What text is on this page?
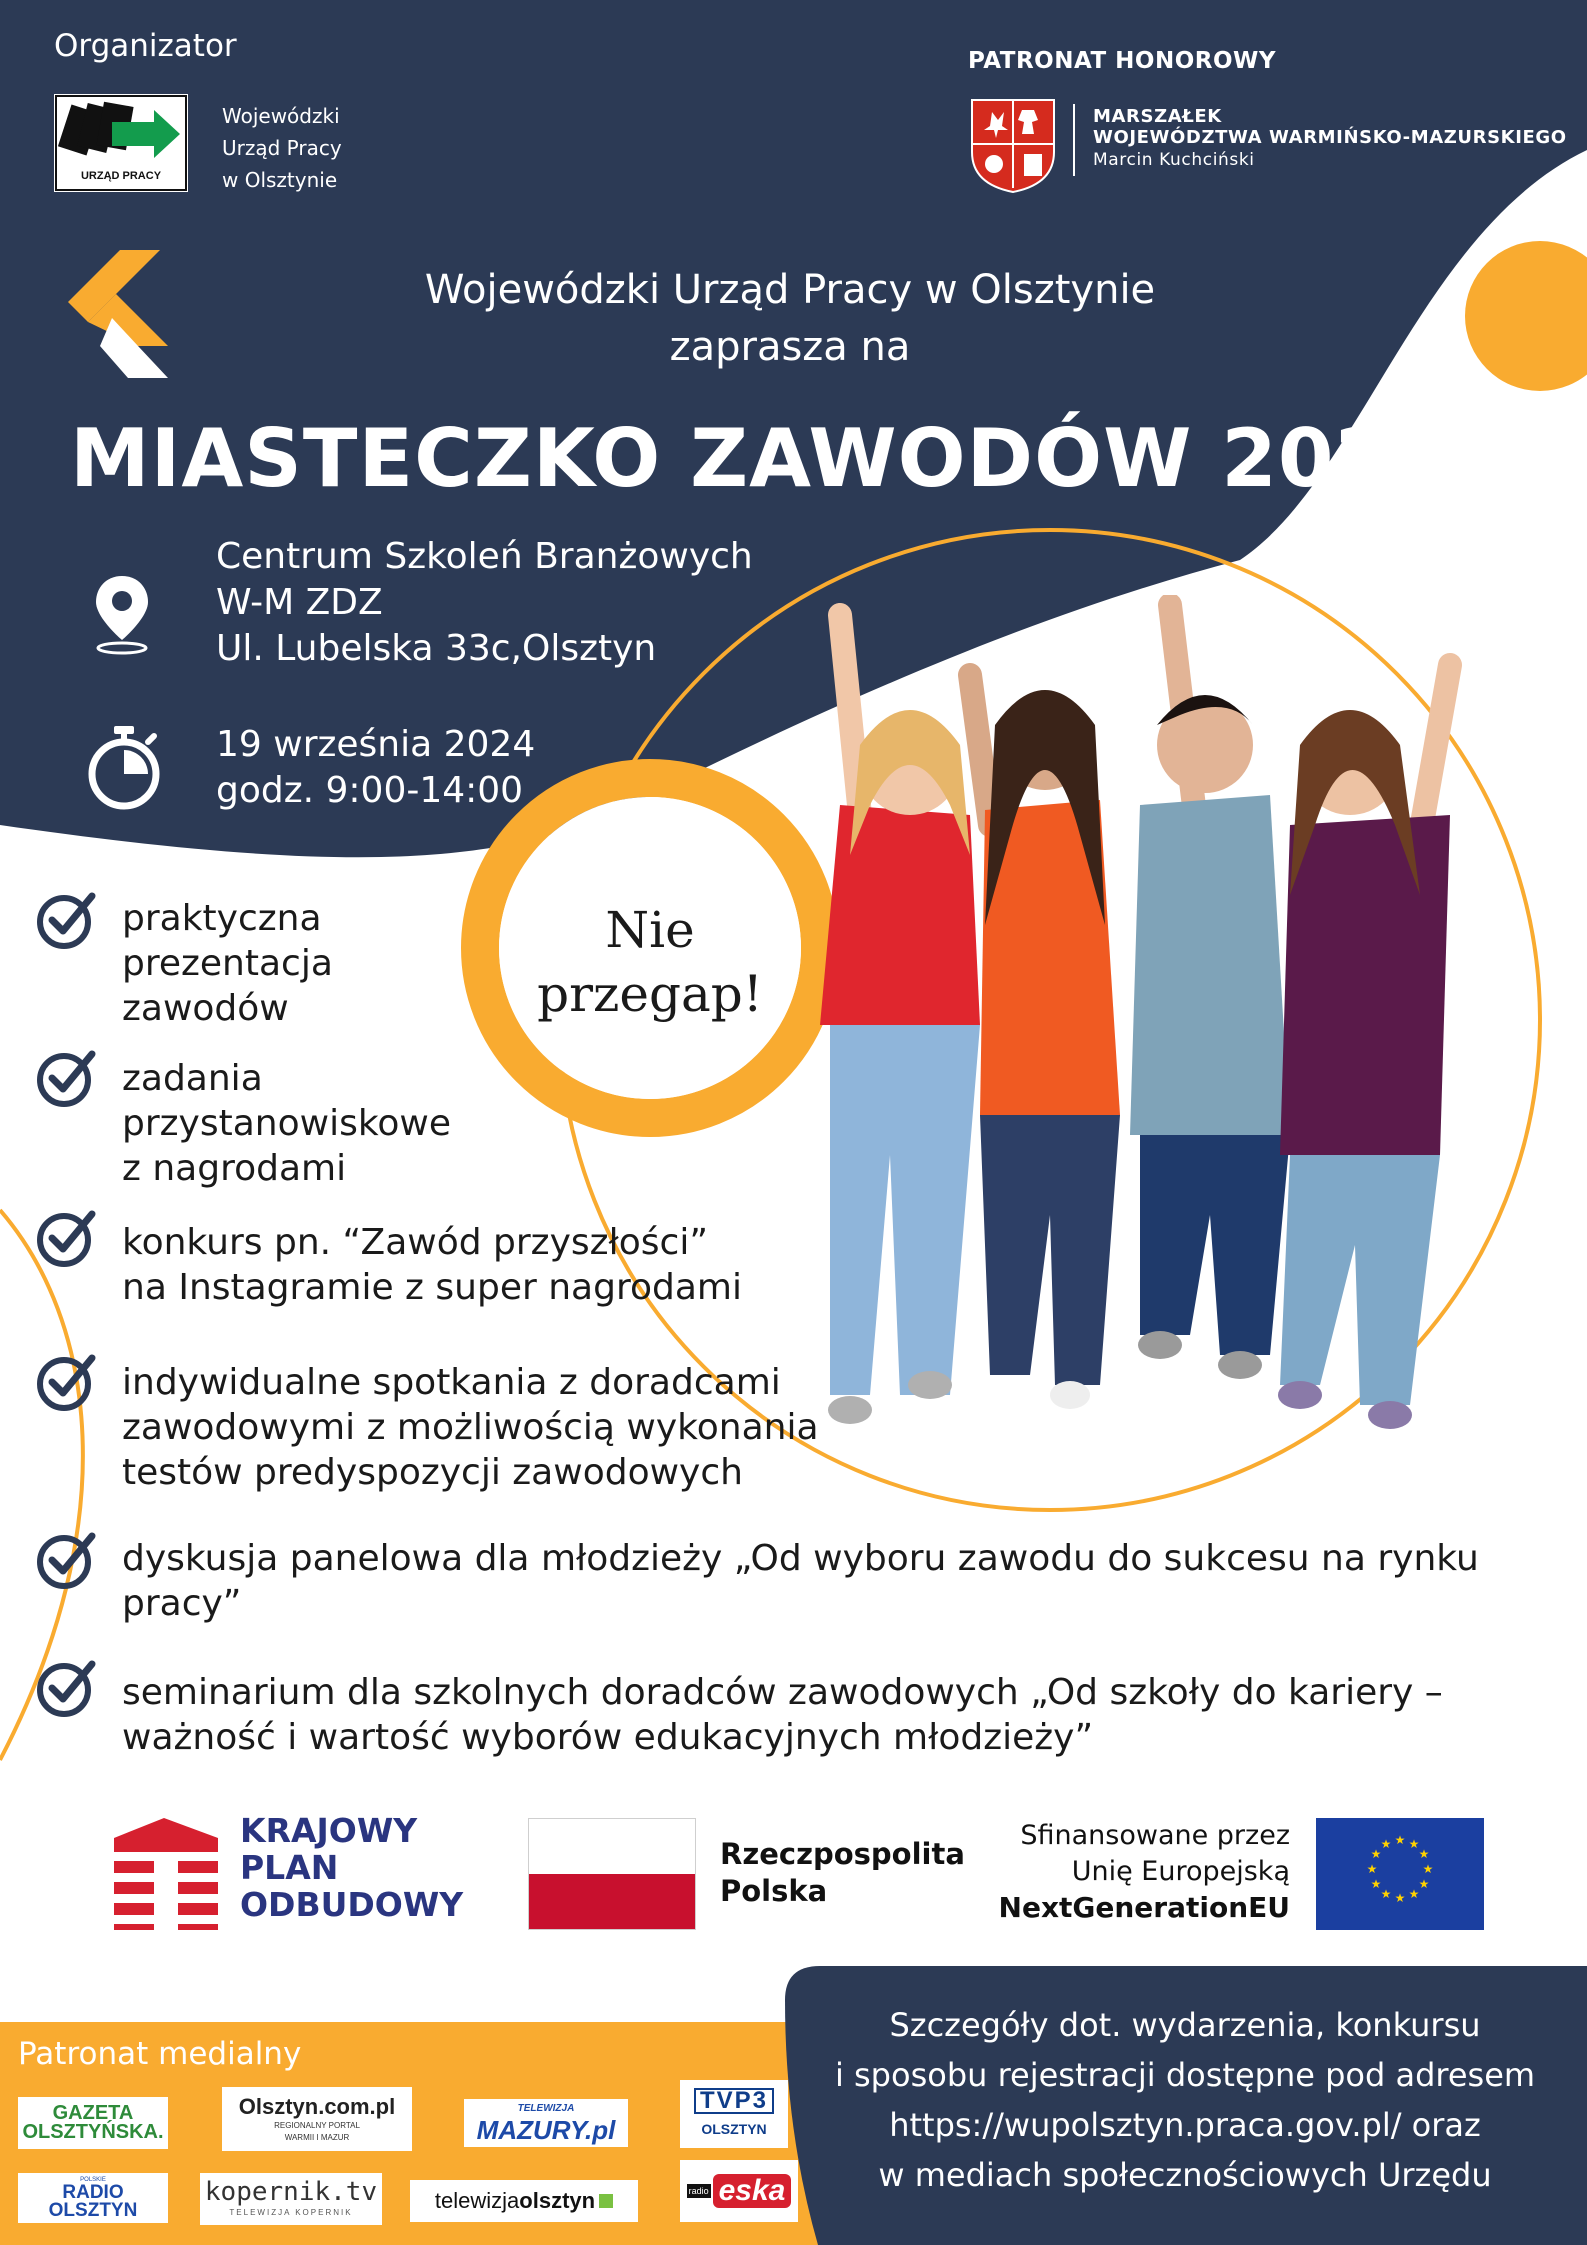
Organizator
URZĄD PRACY
Wojewódzki
Urząd Pracy
w Olsztynie
PATRONAT HONOROWY
MARSZAŁEK
WOJEWÓDZTWA WARMIŃSKO-MAZURSKIEGO
Marcin Kuchciński
Wojewódzki Urząd Pracy w Olsztynie
zaprasza na
MIASTECZKO ZAWODÓW 2024
Centrum Szkoleń Branżowych
W-M ZDZ
Ul. Lubelska 33c,Olsztyn
19 września 2024
godz. 9:00-14:00
Nie
przegap!
praktyczna
prezentacja
zawodów
zadania
przystanowiskowe
z nagrodami
konkurs pn. “Zawód przyszłości”
na Instagramie z super nagrodami
indywidualne spotkania z doradcami
zawodowymi z możliwością wykonania
testów predyspozycji zawodowych
dyskusja panelowa dla młodzieży „Od wyboru zawodu do sukcesu na rynku
pracy”
seminarium dla szkolnych doradców zawodowych „Od szkoły do kariery –
ważność i wartość wyborów edukacyjnych młodzieży”
KRAJOWY
PLAN
ODBUDOWY
Rzeczpospolita
Polska
Sfinansowane przez
Unię Europejską
NextGenerationEU
★ ★
★
★
★
★
★
★
★
★
★
★
Patronat medialny
GAZETA
OLSZTYŃSKA.
Olsztyn.com.pl
REGIONALNY PORTAL
WARMII I MAZUR
TELEWIZJA
MAZURY.pl
TVP3
OLSZTYN
POLSKIE
RADIO
OLSZTYN
kopernik.tv
TELEWIZJA KOPERNIK	telewizja olsztyn	radio eska
Szczegóły dot. wydarzenia, konkursu
i sposobu rejestracji dostępne pod adresem
https://wupolsztyn.praca.gov.pl/ oraz
w mediach społecznościowych Urzędu
